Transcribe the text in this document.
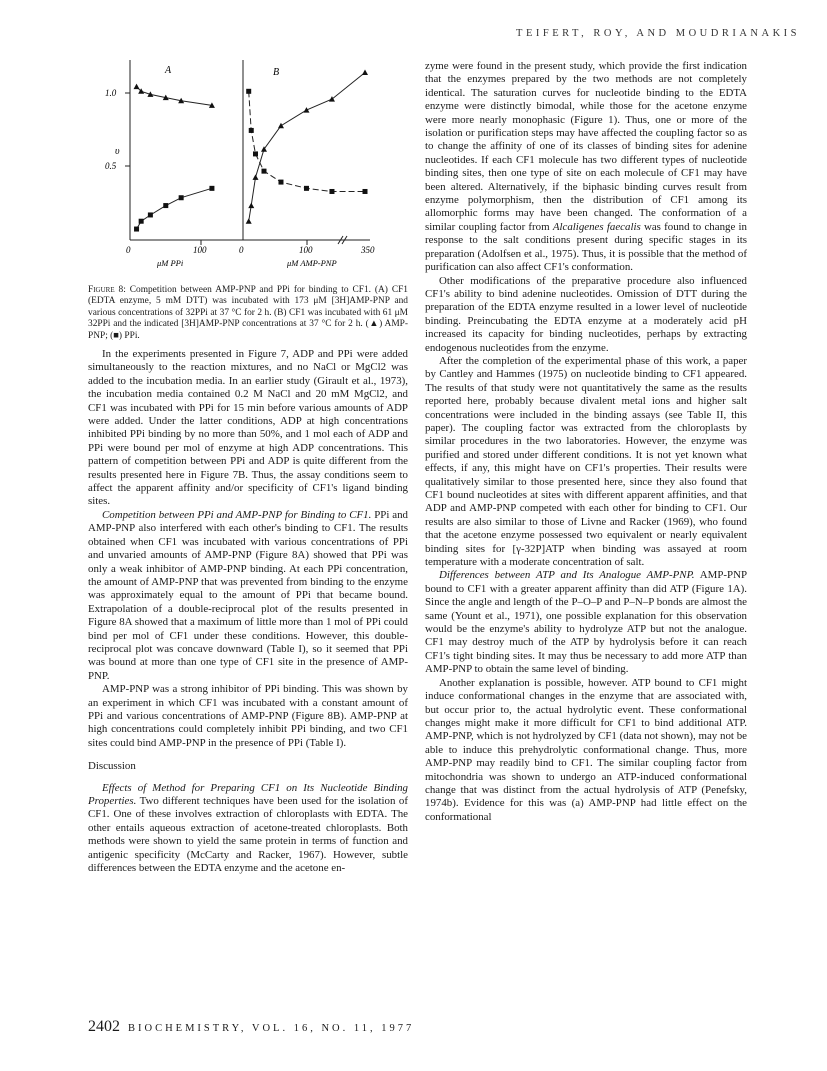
TEIFERT, ROY, AND MOUDRIANAKIS
A	B
υ
1.0
0.5
0	100	0	100	350
μM PPi	μM AMP-PNP
Figure 8: Competition between AMP-PNP and PPi for binding to CF1. (A) CF1 (EDTA enzyme, 5 mM DTT) was incubated with 173 μM [3H]AMP-PNP and various concentrations of 32PPi at 37 °C for 2 h. (B) CF1 was incubated with 61 μM 32PPi and the indicated [3H]AMP-PNP concentrations at 37 °C for 2 h. (▲) AMP-PNP; (■) PPi.

In the experiments presented in Figure 7, ADP and PPi were added simultaneously to the reaction mixtures, and no NaCl or MgCl2 was added to the incubation media. In an earlier study (Girault et al., 1973), the incubation media contained 0.2 M NaCl and 20 mM MgCl2, and CF1 was incubated with PPi for 15 min before various amounts of ADP were added. Under the latter conditions, ADP at high concentrations inhibited PPi binding by no more than 50%, and 1 mol each of ADP and PPi were bound per mol of enzyme at high ADP concentrations. This pattern of competition between PPi and ADP is quite different from the results presented here in Figure 7B. Thus, the assay conditions seem to affect the apparent affinity and/or specificity of CF1's ligand binding sites.

Competition between PPi and AMP-PNP for Binding to CF1. PPi and AMP-PNP also interfered with each other's binding to CF1. The results obtained when CF1 was incubated with various concentrations of PPi and unvaried amounts of AMP-PNP (Figure 8A) showed that PPi was only a weak inhibitor of AMP-PNP binding. At each PPi concentration, the amount of AMP-PNP that was prevented from binding to the enzyme was approximately equal to the amount of PPi that became bound. Extrapolation of a double-reciprocal plot of the results presented in Figure 8A showed that a maximum of little more than 1 mol of PPi could bind per mol of CF1 under these conditions. However, this double-reciprocal plot was concave downward (Table I), so it seemed that PPi was bound at more than one type of CF1 site in the presence of AMP-PNP.

AMP-PNP was a strong inhibitor of PPi binding. This was shown by an experiment in which CF1 was incubated with a constant amount of PPi and various concentrations of AMP-PNP (Figure 8B). AMP-PNP at high concentrations could completely inhibit PPi binding, and two CF1 sites could bind AMP-PNP in the presence of PPi (Table I).

Discussion

Effects of Method for Preparing CF1 on Its Nucleotide Binding Properties. Two different techniques have been used for the isolation of CF1. One of these involves extraction of chloroplasts with EDTA. The other entails aqueous extraction of acetone-treated chloroplasts. Both methods were shown to yield the same protein in terms of function and antigenic specificity (McCarty and Racker, 1967). However, subtle differences between the EDTA enzyme and the acetone en-

zyme were found in the present study, which provide the first indication that the enzymes prepared by the two methods are not completely identical. The saturation curves for nucleotide binding to the EDTA enzyme were distinctly bimodal, while those for the acetone enzyme were more nearly monophasic (Figure 1). Thus, one or more of the isolation or purification steps may have affected the coupling factor so as to change the affinity of one of its classes of binding sites for adenine nucleotides. If each CF1 molecule has two different types of nucleotide binding sites, then one type of site on each molecule of CF1 may have been altered. Alternatively, if the biphasic binding curves result from enzyme polymorphism, then the distribution of CF1 among its allomorphic forms may have been changed. The conformation of a similar coupling factor from Alcaligenes faecalis was found to change in response to the salt conditions present during specific stages in its preparation (Adolfsen et al., 1975). Thus, it is possible that the method of purification can also affect CF1's conformation.

Other modifications of the preparative procedure also influenced CF1's ability to bind adenine nucleotides. Omission of DTT during the preparation of the EDTA enzyme resulted in a lower level of nucleotide binding. Preincubating the EDTA enzyme at a moderately acid pH increased its capacity for binding nucleotides, perhaps by extracting endogenous nucleotides from the enzyme.

After the completion of the experimental phase of this work, a paper by Cantley and Hammes (1975) on nucleotide binding to CF1 appeared. The results of that study were not quantitatively the same as the results reported here, probably because divalent metal ions and higher salt concentrations were included in the binding assays (see Table II, this paper). The coupling factor was extracted from the chloroplasts by similar procedures in the two laboratories. However, the enzyme was purified and stored under different conditions. It is not yet known what effects, if any, this might have on CF1's properties. Their results were qualitatively similar to those presented here, since they also found that CF1 bound nucleotides at sites with different apparent affinities, and that ADP and AMP-PNP competed with each other for binding to CF1. Our results are also similar to those of Livne and Racker (1969), who found that the acetone enzyme possessed two equivalent or nearly equivalent binding sites for [γ-32P]ATP when binding was assayed at room temperature with a moderate concentration of salt.

Differences between ATP and Its Analogue AMP-PNP. AMP-PNP bound to CF1 with a greater apparent affinity than did ATP (Figure 1A). Since the angle and length of the P–O–P and P–N–P bonds are almost the same (Yount et al., 1971), one possible explanation for this observation would be the enzyme's ability to hydrolyze ATP but not the analogue. CF1 may destroy much of the ATP by hydrolysis before it can reach CF1's tight binding sites. It may thus be necessary to add more ATP than AMP-PNP to obtain the same level of binding.

Another explanation is possible, however. ATP bound to CF1 might induce conformational changes in the enzyme that are associated with, but occur prior to, the actual hydrolytic event. These conformational changes might make it more difficult for CF1 to bind additional ATP. AMP-PNP, which is not hydrolyzed by CF1 (data not shown), may not be able to induce this prehydrolytic conformational change. Thus, more AMP-PNP may readily bind to CF1. The similar coupling factor from mitochondria was shown to undergo an ATP-induced conformational change that was distinct from the actual hydrolysis of ATP (Penefsky, 1974b). Evidence for this was (a) AMP-PNP had little effect on the conformational

2402 BIOCHEMISTRY, VOL. 16, NO. 11, 1977
